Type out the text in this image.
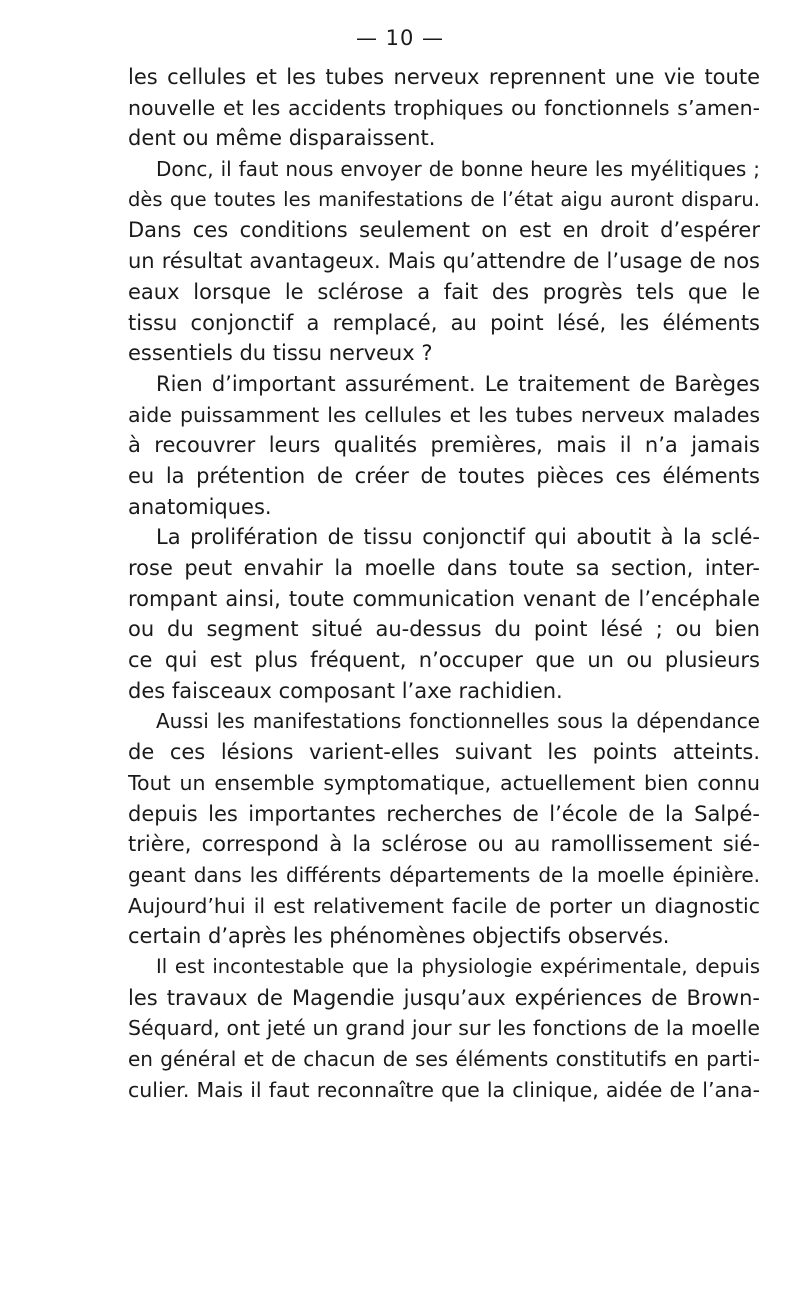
— 10 —
les cellules et les tubes nerveux reprennent une vie toute
nouvelle et les accidents trophiques ou fonctionnels s’amen-
dent ou même disparaissent.
Donc, il faut nous envoyer de bonne heure les myélitiques ;
dès que toutes les manifestations de l’état aigu auront disparu.
Dans ces conditions seulement on est en droit d’espérer
un résultat avantageux. Mais qu’attendre de l’usage de nos
eaux lorsque le sclérose a fait des progrès tels que le
tissu conjonctif a remplacé, au point lésé, les éléments
essentiels du tissu nerveux ?
Rien d’important assurément. Le traitement de Barèges
aide puissamment les cellules et les tubes nerveux malades
à recouvrer leurs qualités premières, mais il n’a jamais
eu la prétention de créer de toutes pièces ces éléments
anatomiques.
La prolifération de tissu conjonctif qui aboutit à la sclé-
rose peut envahir la moelle dans toute sa section, inter-
rompant ainsi, toute communication venant de l’encéphale
ou du segment situé au-dessus du point lésé ; ou bien
ce qui est plus fréquent, n’occuper que un ou plusieurs
des faisceaux composant l’axe rachidien.
Aussi les manifestations fonctionnelles sous la dépendance
de ces lésions varient-elles suivant les points atteints.
Tout un ensemble symptomatique, actuellement bien connu
depuis les importantes recherches de l’école de la Salpé-
trière, correspond à la sclérose ou au ramollissement sié-
geant dans les différents départements de la moelle épinière.
Aujourd’hui il est relativement facile de porter un diagnostic
certain d’après les phénomènes objectifs observés.
Il est incontestable que la physiologie expérimentale, depuis
les travaux de Magendie jusqu’aux expériences de Brown-
Séquard, ont jeté un grand jour sur les fonctions de la moelle
en général et de chacun de ses éléments constitutifs en parti-
culier. Mais il faut reconnaître que la clinique, aidée de l’ana-
